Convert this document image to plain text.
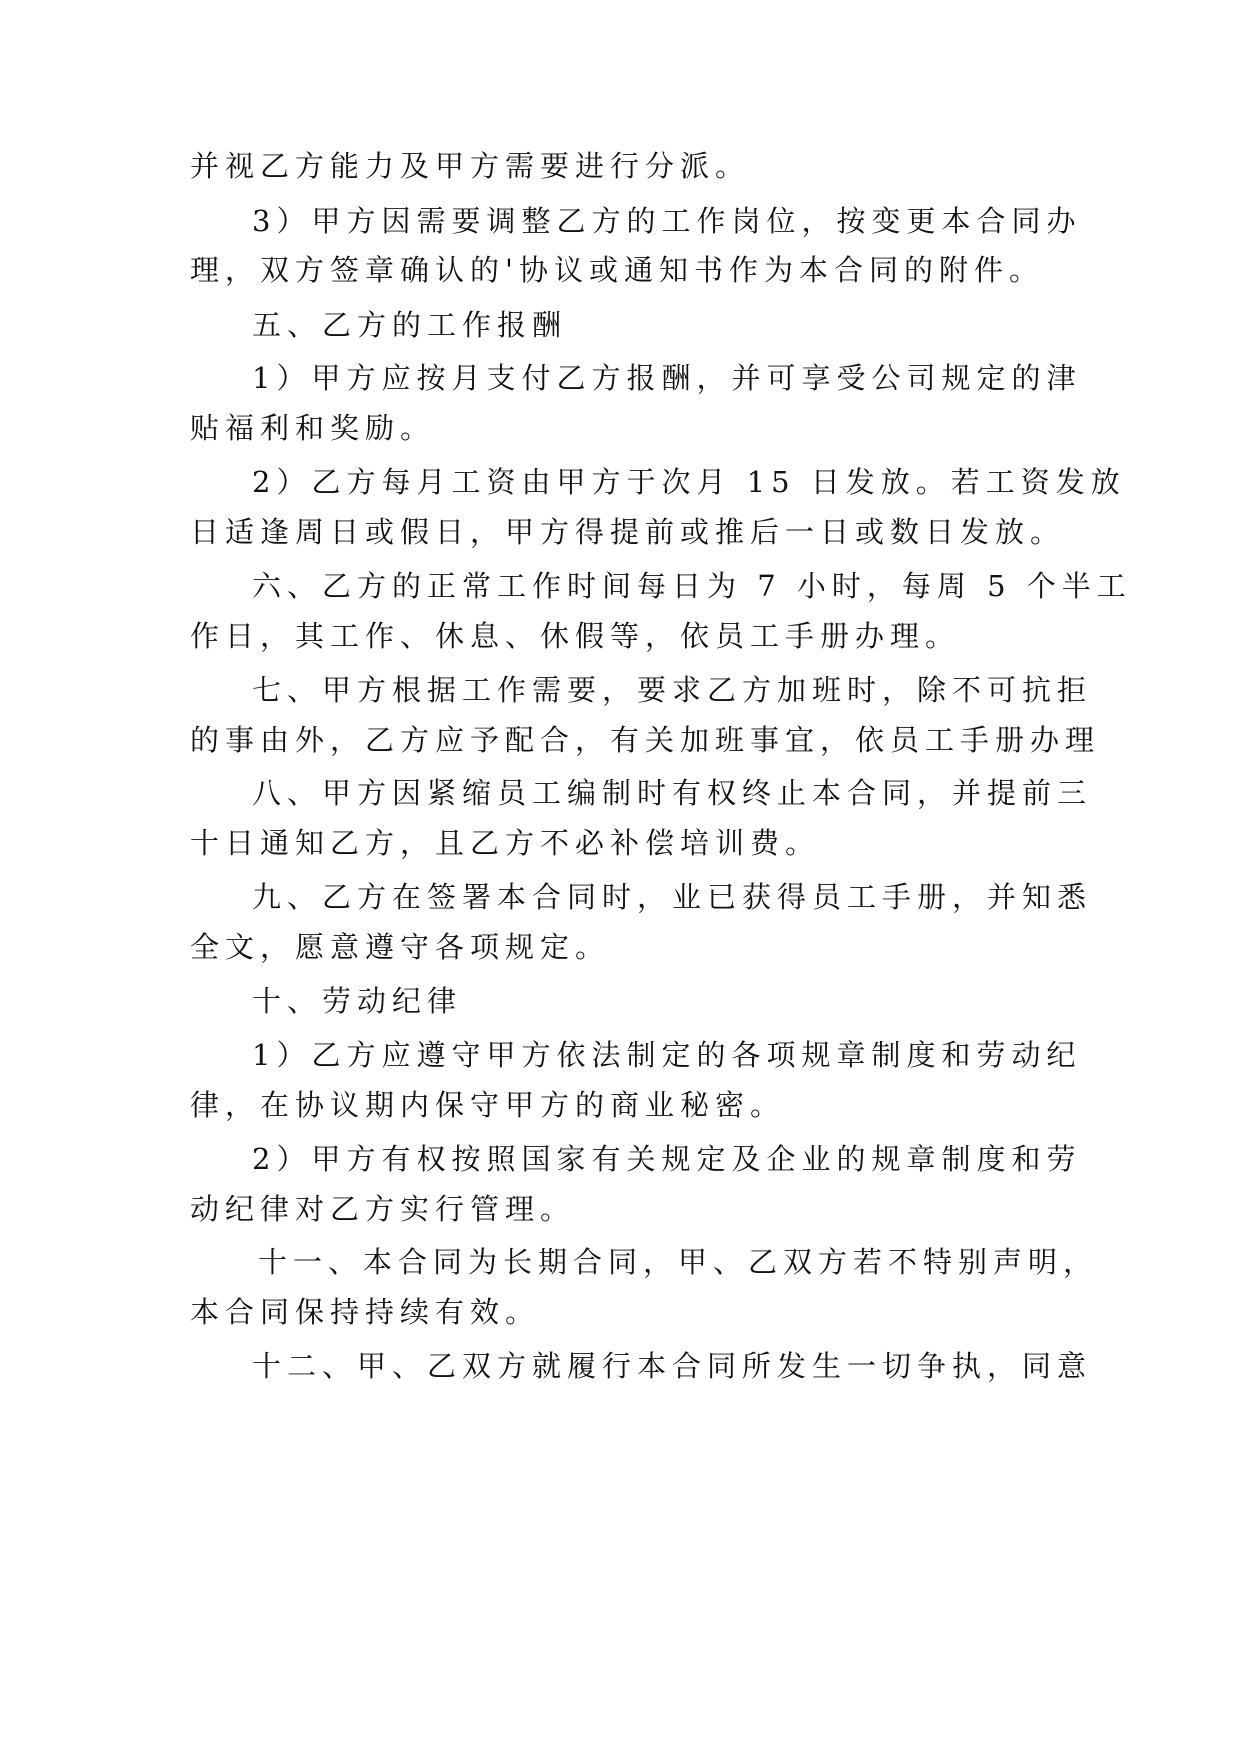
并视乙方能力及甲方需要进行分派。
3）甲方因需要调整乙方的工作岗位，按变更本合同办
理，双方签章确认的'协议或通知书作为本合同的附件。
五、乙方的工作报酬
1）甲方应按月支付乙方报酬，并可享受公司规定的津
贴福利和奖励。
2）乙方每月工资由甲方于次月 15 日发放。若工资发放
日适逢周日或假日，甲方得提前或推后一日或数日发放。
六、乙方的正常工作时间每日为 7 小时，每周 5 个半工
作日，其工作、休息、休假等，依员工手册办理。
七、甲方根据工作需要，要求乙方加班时，除不可抗拒
的事由外，乙方应予配合，有关加班事宜，依员工手册办理
八、甲方因紧缩员工编制时有权终止本合同，并提前三
十日通知乙方，且乙方不必补偿培训费。
九、乙方在签署本合同时，业已获得员工手册，并知悉
全文，愿意遵守各项规定。
十、劳动纪律
1）乙方应遵守甲方依法制定的各项规章制度和劳动纪
律，在协议期内保守甲方的商业秘密。
2）甲方有权按照国家有关规定及企业的规章制度和劳
动纪律对乙方实行管理。
十一、本合同为长期合同，甲、乙双方若不特别声明，
本合同保持持续有效。
十二、甲、乙双方就履行本合同所发生一切争执，同意
